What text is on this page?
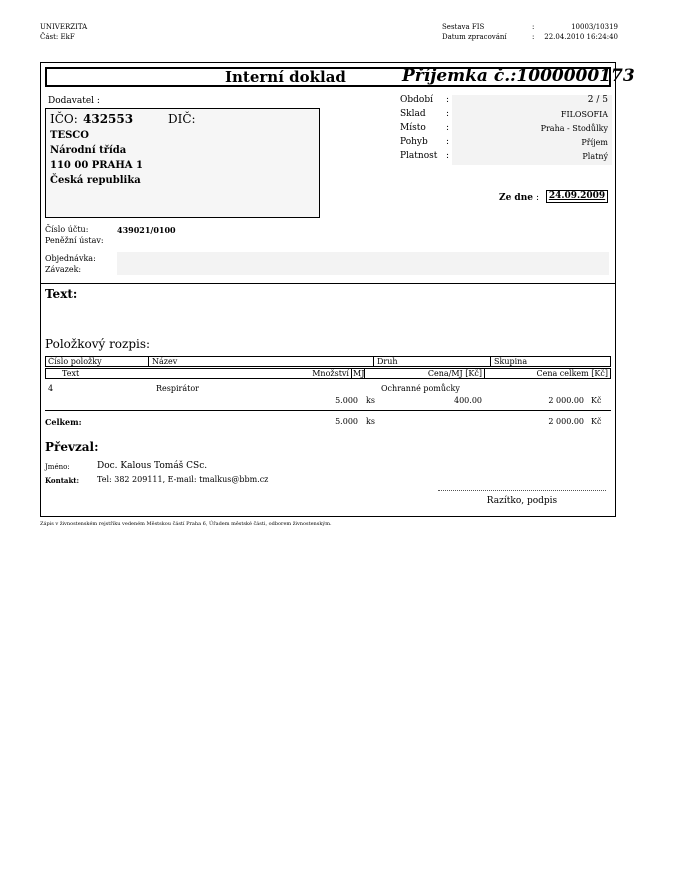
UNIVERZITA
Část: EkF
Sestava FIS	:	10003/10319
Datum zpracování	:	22.04.2010 16:24:40
Interní doklad	Příjemka č.:1000000173
Dodavatel :
IČO: 432553	DIČ:
TESCO
Národní třída
110 00 PRAHA 1
Česká republika
Období :	2 / 5
Sklad :	FILOSOFIA
Místo :	Praha - Stodůlky
Pohyb :	Příjem
Platnost :	Platný
Ze dne :	24.09.2009
Číslo účtu:	439021/0100
Peněžní ústav:
Objednávka:
Závazek:
Text:
Položkový rozpis:
Číslo položky	Název	Druh	Skupina
Text	Množství MJ	Cena/MJ [Kč]	Cena celkem [Kč]
4	Respirátor	Ochranné pomůcky
5.000 ks	400.00	2 000.00 Kč
Celkem:	5.000 ks	2 000.00 Kč
Převzal:
Jméno:	Doc. Kalous Tomáš CSc.
Kontakt: Tel: 382 209111, E-mail: tmalkus@bbm.cz
Razítko, podpis
Zápis v živnostenském rejstříku vedeném Městskou částí Praha 6, Úřadem městské části, odborem živnostenským.
